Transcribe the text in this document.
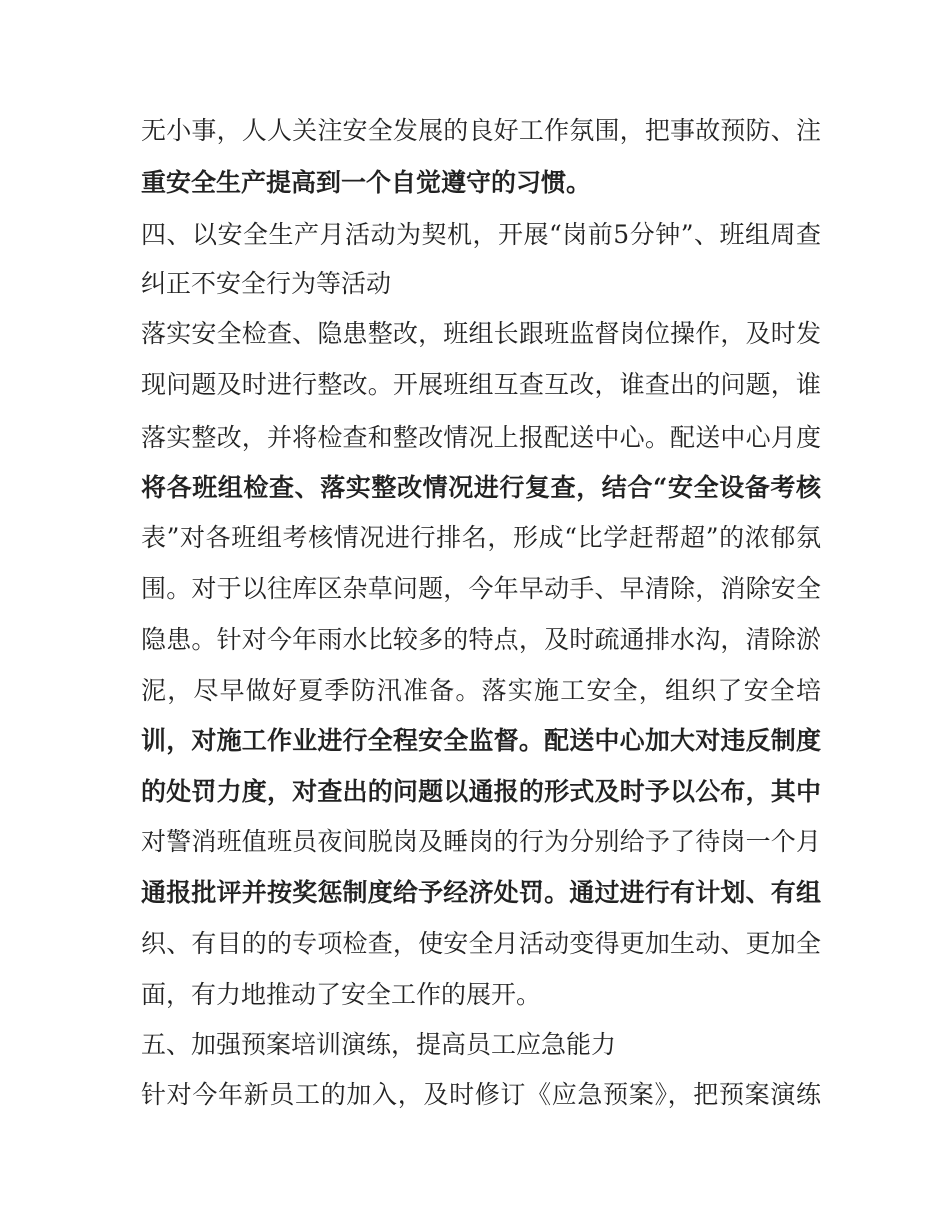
无小事，人人关注安全发展的良好工作氛围，把事故预防、注
重安全生产提高到一个自觉遵守的习惯。
四、以安全生产月活动为契机，开展“岗前5分钟”、班组周查
纠正不安全行为等活动
落实安全检查、隐患整改，班组长跟班监督岗位操作，及时发
现问题及时进行整改。开展班组互查互改，谁查出的问题，谁
落实整改，并将检查和整改情况上报配送中心。配送中心月度
将各班组检查、落实整改情况进行复查，结合“安全设备考核
表”对各班组考核情况进行排名，形成“比学赶帮超”的浓郁氛
围。对于以往库区杂草问题，今年早动手、早清除，消除安全
隐患。针对今年雨水比较多的特点，及时疏通排水沟，清除淤
泥，尽早做好夏季防汛准备。落实施工安全，组织了安全培
训，对施工作业进行全程安全监督。配送中心加大对违反制度
的处罚力度，对查出的问题以通报的形式及时予以公布，其中
对警消班值班员夜间脱岗及睡岗的行为分别给予了待岗一个月
通报批评并按奖惩制度给予经济处罚。通过进行有计划、有组
织、有目的的专项检查，使安全月活动变得更加生动、更加全
面，有力地推动了安全工作的展开。
五、加强预案培训演练，提高员工应急能力
针对今年新员工的加入，及时修订《应急预案》，把预案演练
